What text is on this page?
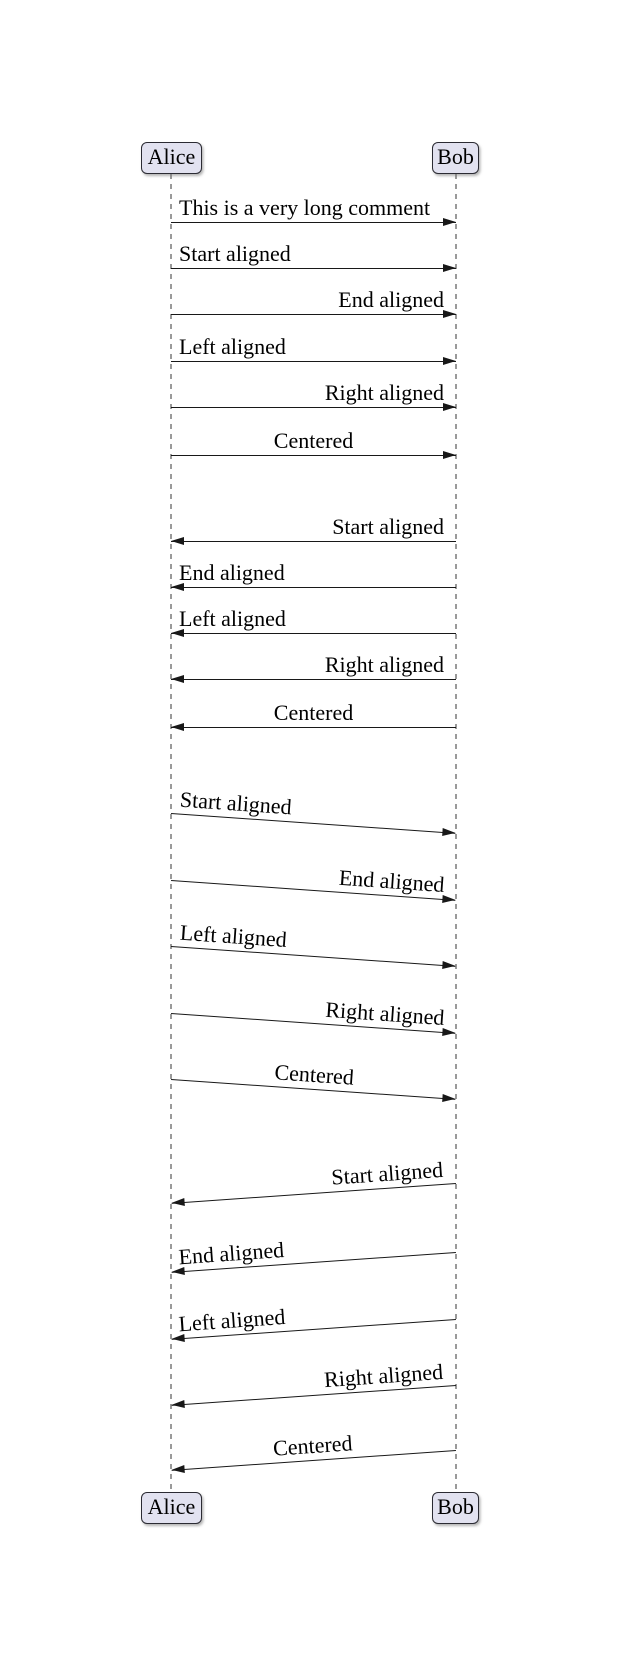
Alice	Bob
Alice	Bob
This is a very long comment
Start aligned
End aligned
Left aligned
Right aligned
Centered
Start aligned
End aligned
Left aligned
Right aligned
Centered
Start aligned
End aligned
Left aligned
Right aligned
Centered
Start aligned
End aligned
Left aligned
Right aligned
Centered
